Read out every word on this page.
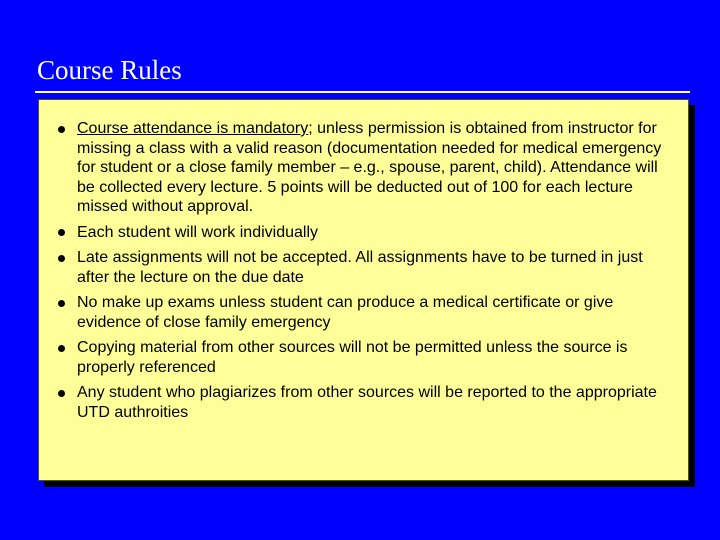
Course Rules
Course attendance is mandatory; unless permission is obtained from instructor for missing a class with a valid reason (documentation needed for medical emergency for student or a close family member – e.g., spouse, parent, child). Attendance will be collected every lecture. 5 points will be deducted out of 100 for each lecture missed without approval.
Each student will work individually
Late assignments will not be accepted. All assignments have to be turned in just after the lecture on the due date
No make up exams unless student can produce a medical certificate or give evidence of close family emergency
Copying material from other sources will not be permitted unless the source is properly referenced
Any student who plagiarizes from other sources will be reported to the appropriate UTD authroities
